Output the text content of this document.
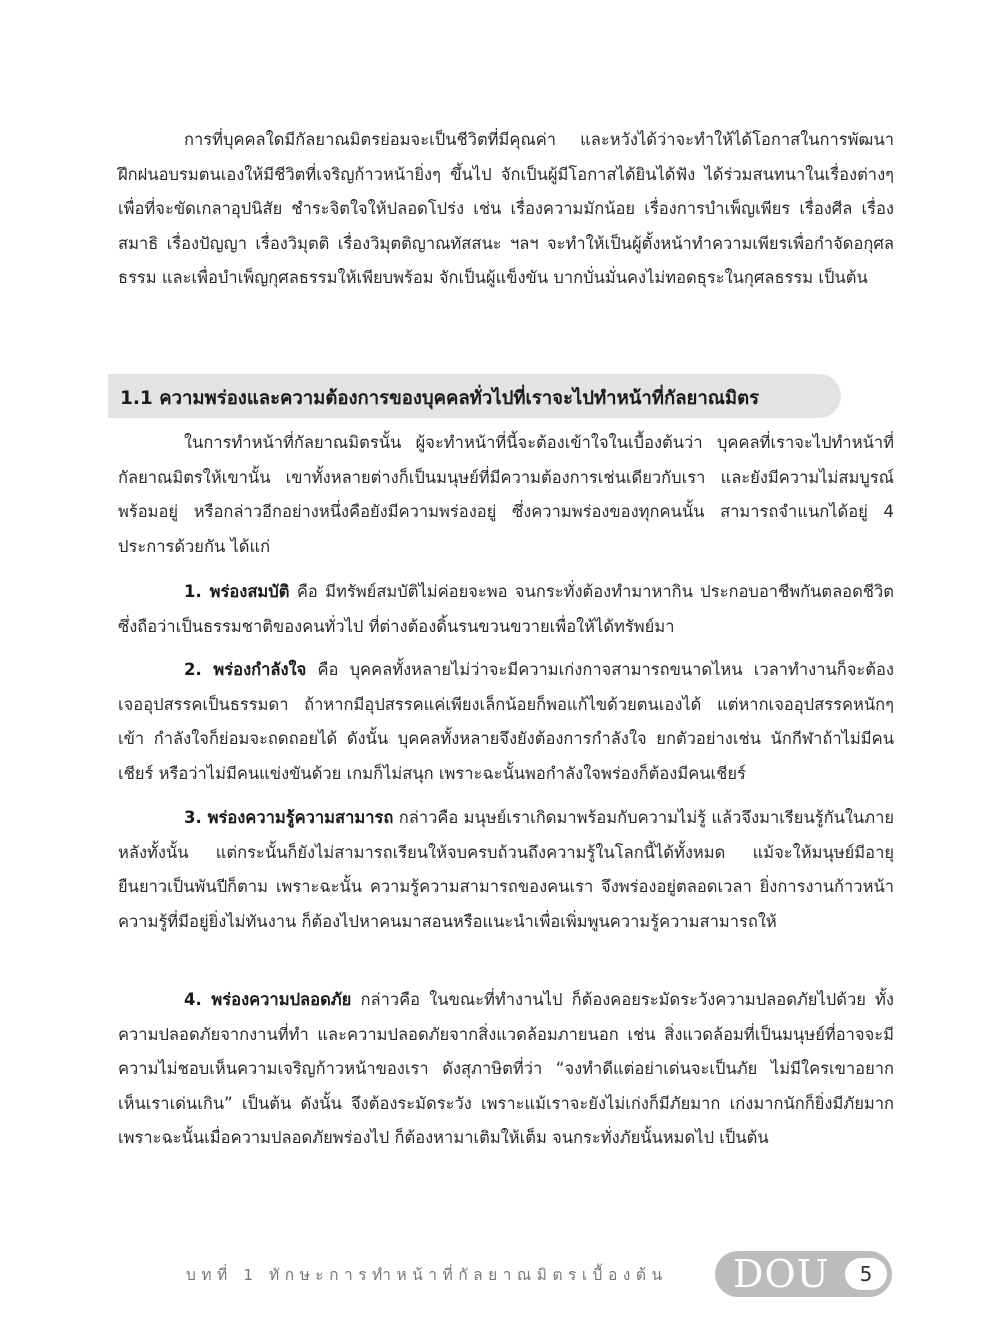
การที่บุคคลใดมีกัลยาณมิตรย่อมจะเป็นชีวิตที่มีคุณค่า และหวังได้ว่าจะทำให้ได้โอกาสในการพัฒนาฝึกฝนอบรมตนเองให้มีชีวิตที่เจริญก้าวหน้ายิ่งๆ ขึ้นไป จักเป็นผู้มีโอกาสได้ยินได้ฟัง ได้ร่วมสนทนาในเรื่องต่างๆ เพื่อที่จะขัดเกลาอุปนิสัย ชำระจิตใจให้ปลอดโปร่ง เช่น เรื่องความมักน้อย เรื่องการบำเพ็ญเพียร เรื่องศีล เรื่องสมาธิ เรื่องปัญญา เรื่องวิมุตติ เรื่องวิมุตติญาณทัสสนะ ฯลฯ จะทำให้เป็นผู้ตั้งหน้าทำความเพียรเพื่อกำจัดอกุศลธรรม และเพื่อบำเพ็ญกุศลธรรมให้เพียบพร้อม จักเป็นผู้แข็งขัน บากบั่นมั่นคงไม่ทอดธุระในกุศลธรรม เป็นต้น

1.1 ความพร่องและความต้องการของบุคคลทั่วไปที่เราจะไปทำหน้าที่กัลยาณมิตร

ในการทำหน้าที่กัลยาณมิตรนั้น ผู้จะทำหน้าที่นี้จะต้องเข้าใจในเบื้องต้นว่า บุคคลที่เราจะไปทำหน้าที่กัลยาณมิตรให้เขานั้น เขาทั้งหลายต่างก็เป็นมนุษย์ที่มีความต้องการเช่นเดียวกับเรา และยังมีความไม่สมบูรณ์พร้อมอยู่ หรือกล่าวอีกอย่างหนึ่งคือยังมีความพร่องอยู่ ซึ่งความพร่องของทุกคนนั้น สามารถจำแนกได้อยู่ 4 ประการด้วยกัน ได้แก่

1. พร่องสมบัติ คือ มีทรัพย์สมบัติไม่ค่อยจะพอ จนกระทั่งต้องทำมาหากิน ประกอบอาชีพกันตลอดชีวิต ซึ่งถือว่าเป็นธรรมชาติของคนทั่วไป ที่ต่างต้องดิ้นรนขวนขวายเพื่อให้ได้ทรัพย์มา

2. พร่องกำลังใจ คือ บุคคลทั้งหลายไม่ว่าจะมีความเก่งกาจสามารถขนาดไหน เวลาทำงานก็จะต้องเจออุปสรรคเป็นธรรมดา ถ้าหากมีอุปสรรคแค่เพียงเล็กน้อยก็พอแก้ไขด้วยตนเองได้ แต่หากเจออุปสรรคหนักๆ เข้า กำลังใจก็ย่อมจะถดถอยได้ ดังนั้น บุคคลทั้งหลายจึงยังต้องการกำลังใจ ยกตัวอย่างเช่น นักกีฬาถ้าไม่มีคนเชียร์ หรือว่าไม่มีคนแข่งขันด้วย เกมก็ไม่สนุก เพราะฉะนั้นพอกำลังใจพร่องก็ต้องมีคนเชียร์

3. พร่องความรู้ความสามารถ กล่าวคือ มนุษย์เราเกิดมาพร้อมกับความไม่รู้ แล้วจึงมาเรียนรู้กันในภายหลังทั้งนั้น แต่กระนั้นก็ยังไม่สามารถเรียนให้จบครบถ้วนถึงความรู้ในโลกนี้ได้ทั้งหมด แม้จะให้มนุษย์มีอายุยืนยาวเป็นพันปีก็ตาม เพราะฉะนั้น ความรู้ความสามารถของคนเรา จึงพร่องอยู่ตลอดเวลา ยิ่งการงานก้าวหน้า ความรู้ที่มีอยู่ยิ่งไม่ทันงาน ก็ต้องไปหาคนมาสอนหรือแนะนำเพื่อเพิ่มพูนความรู้ความสามารถให้

4. พร่องความปลอดภัย กล่าวคือ ในขณะที่ทำงานไป ก็ต้องคอยระมัดระวังความปลอดภัยไปด้วย ทั้งความปลอดภัยจากงานที่ทำ และความปลอดภัยจากสิ่งแวดล้อมภายนอก เช่น สิ่งแวดล้อมที่เป็นมนุษย์ที่อาจจะมีความไม่ชอบเห็นความเจริญก้าวหน้าของเรา ดังสุภาษิตที่ว่า “จงทำดีแต่อย่าเด่นจะเป็นภัย ไม่มีใครเขาอยากเห็นเราเด่นเกิน” เป็นต้น ดังนั้น จึงต้องระมัดระวัง เพราะแม้เราจะยังไม่เก่งก็มีภัยมาก เก่งมากนักก็ยิ่งมีภัยมาก เพราะฉะนั้นเมื่อความปลอดภัยพร่องไป ก็ต้องหามาเติมให้เต็ม จนกระทั่งภัยนั้นหมดไป เป็นต้น

บทที่ 1 ทักษะการทำหน้าที่กัลยาณมิตรเบื้องต้น DOU	5
